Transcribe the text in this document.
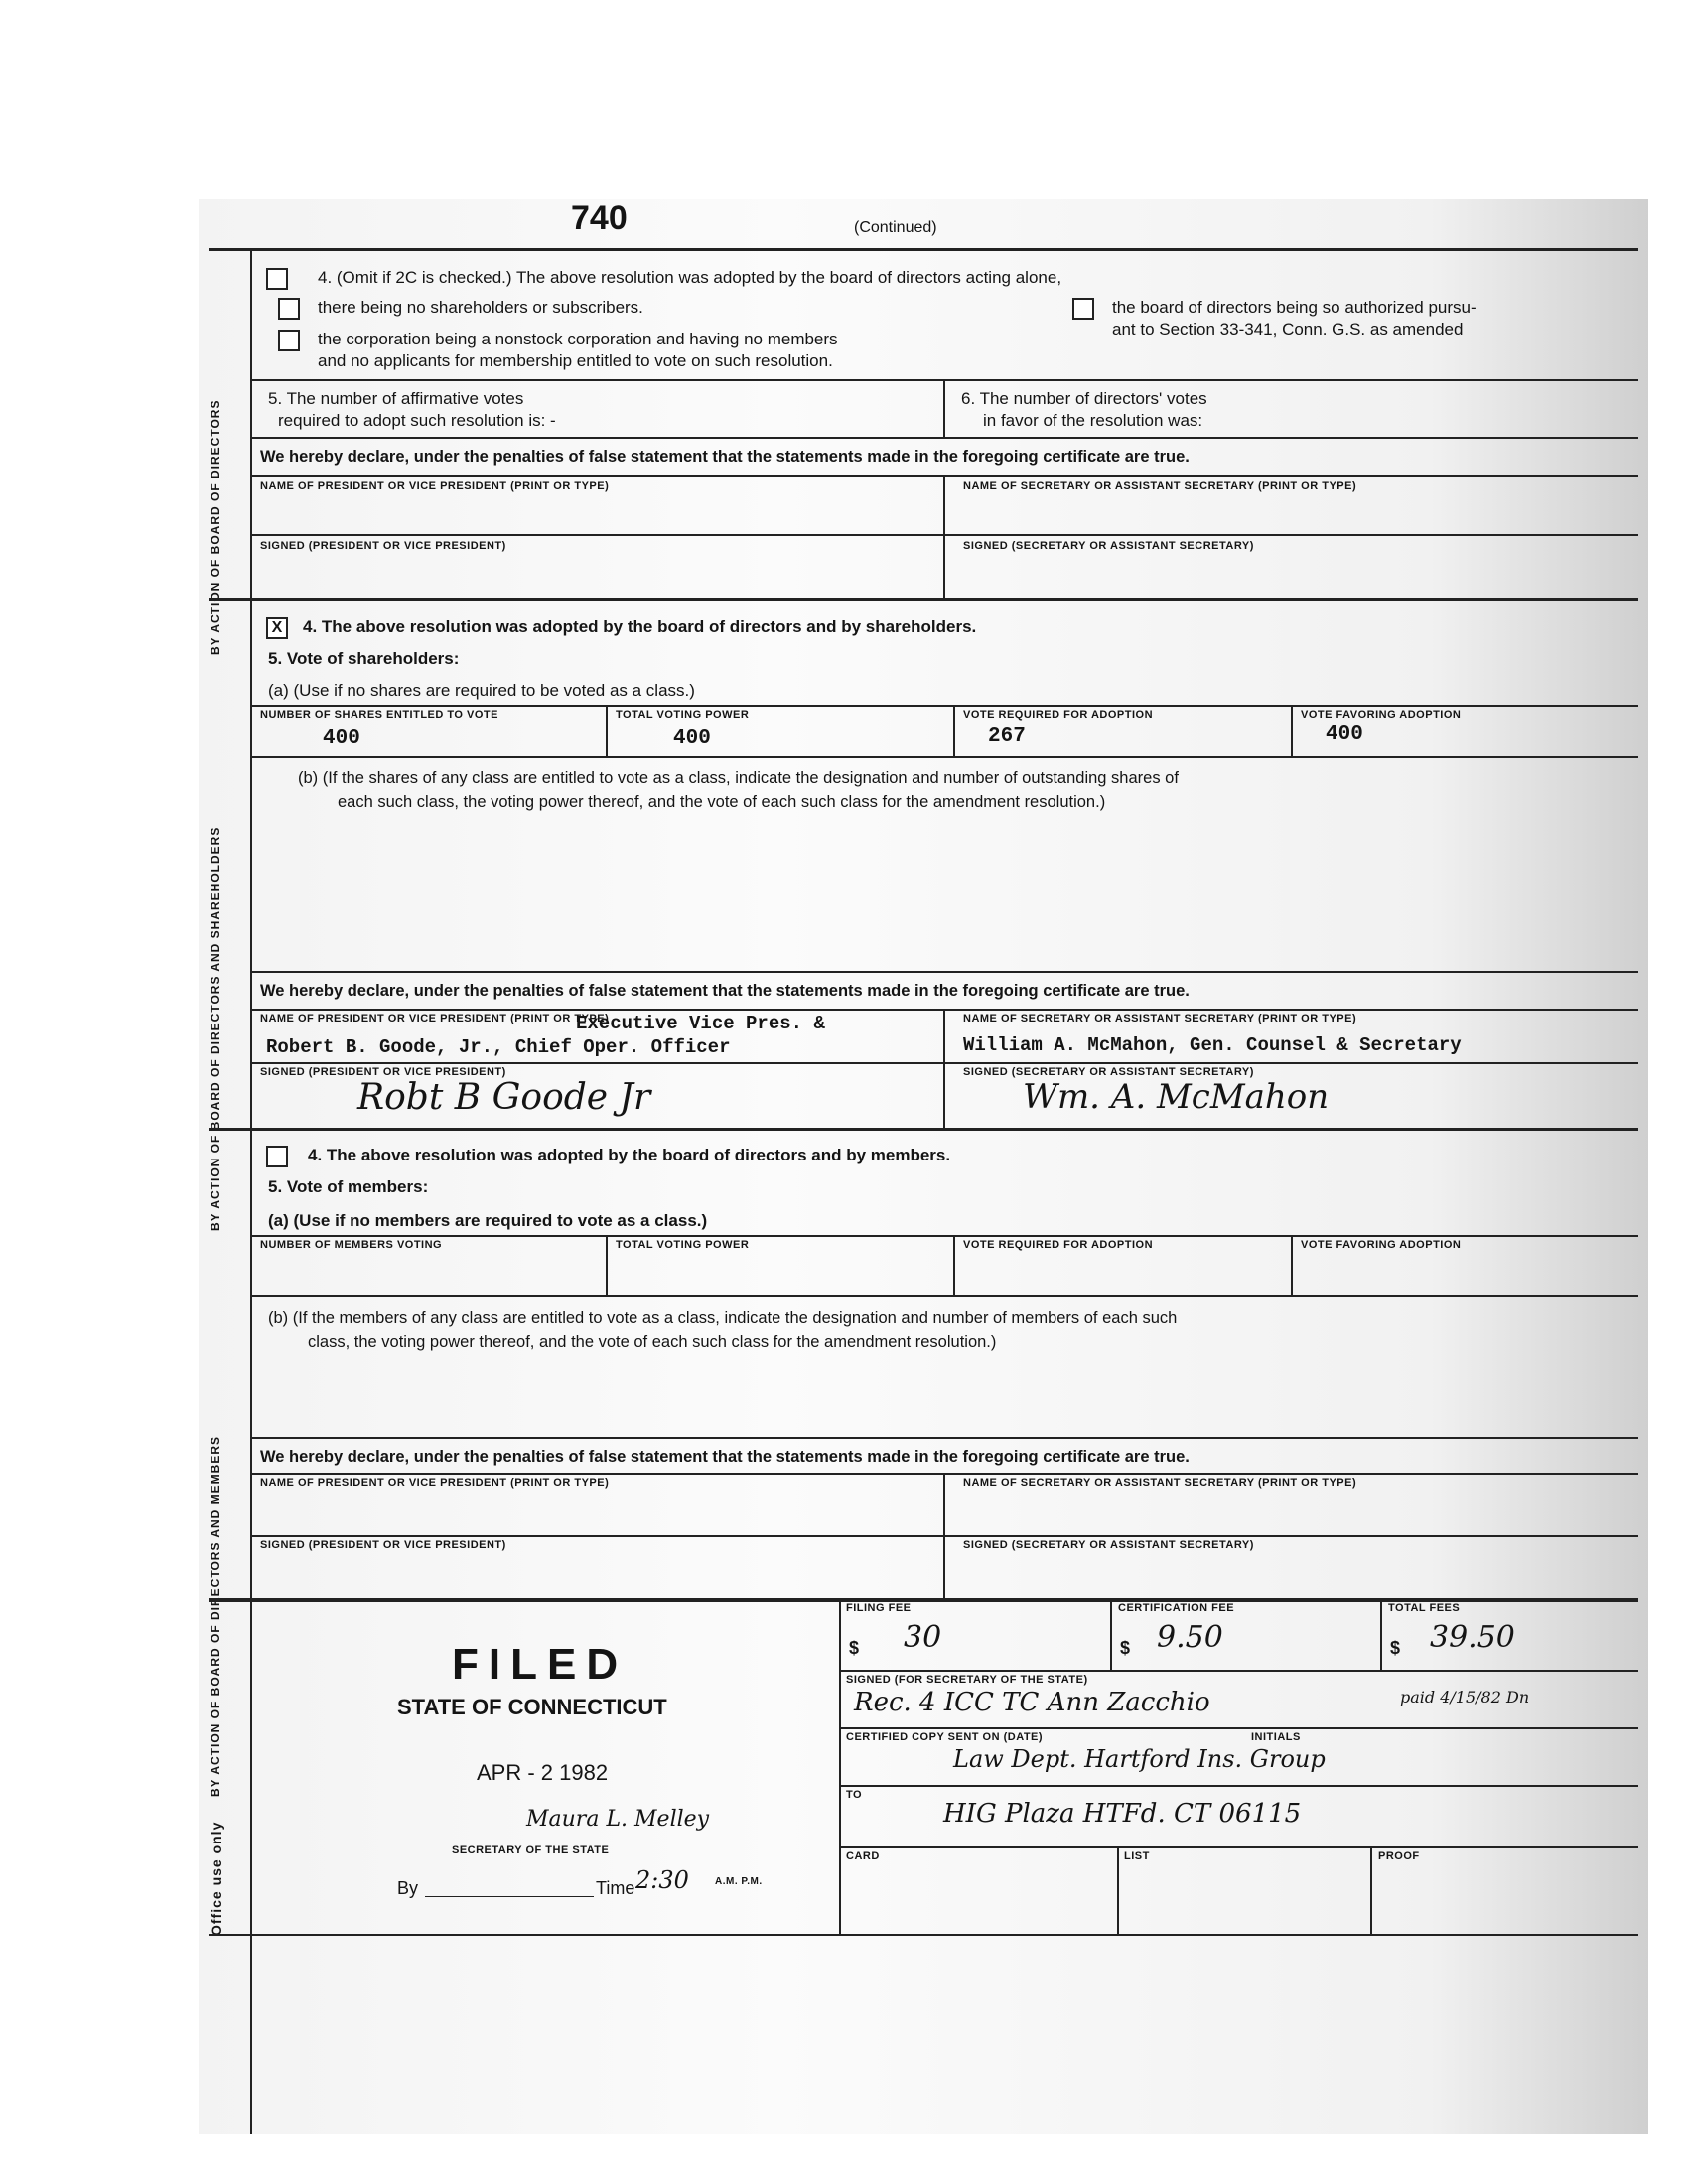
740	(Continued)
BY ACTION OF BOARD OF DIRECTORS
BY ACTION OF BOARD OF DIRECTORS AND SHAREHOLDERS
BY ACTION OF BOARD OF DIRECTORS AND MEMBERS
Office use only
4. (Omit if 2C is checked.) The above resolution was adopted by the board of directors acting alone,
there being no shareholders or subscribers.
the corporation being a nonstock corporation and having no members
and no applicants for membership entitled to vote on such resolution.
the board of directors being so authorized pursu-
ant to Section 33-341, Conn. G.S. as amended
5. The number of affirmative votes
required to adopt such resolution is: -
6. The number of directors' votes
in favor of the resolution was:
We hereby declare, under the penalties of false statement that the statements made in the foregoing certificate are true.
NAME OF PRESIDENT OR VICE PRESIDENT (PRINT OR TYPE)	NAME OF SECRETARY OR ASSISTANT SECRETARY (PRINT OR TYPE)
SIGNED (PRESIDENT OR VICE PRESIDENT)	SIGNED (SECRETARY OR ASSISTANT SECRETARY)
X	4. The above resolution was adopted by the board of directors and by shareholders.
5. Vote of shareholders:
(a) (Use if no shares are required to be voted as a class.)
NUMBER OF SHARES ENTITLED TO VOTE	TOTAL VOTING POWER	VOTE REQUIRED FOR ADOPTION	VOTE FAVORING ADOPTION
400	400	267	400
(b) (If the shares of any class are entitled to vote as a class, indicate the designation and number of outstanding shares of
each such class, the voting power thereof, and the vote of each such class for the amendment resolution.)
We hereby declare, under the penalties of false statement that the statements made in the foregoing certificate are true.
NAME OF PRESIDENT OR VICE PRESIDENT (PRINT OR TYPE)	NAME OF SECRETARY OR ASSISTANT SECRETARY (PRINT OR TYPE)
Executive Vice Pres. &
Robert B. Goode, Jr., Chief Oper. Officer	William A. McMahon, Gen. Counsel & Secretary
SIGNED (PRESIDENT OR VICE PRESIDENT)	SIGNED (SECRETARY OR ASSISTANT SECRETARY)
Robt B Goode Jr	Wm. A. McMahon
4. The above resolution was adopted by the board of directors and by members.
5. Vote of members:
(a) (Use if no members are required to vote as a class.)
NUMBER OF MEMBERS VOTING	TOTAL VOTING POWER	VOTE REQUIRED FOR ADOPTION	VOTE FAVORING ADOPTION
(b) (If the members of any class are entitled to vote as a class, indicate the designation and number of members of each such
class, the voting power thereof, and the vote of each such class for the amendment resolution.)
We hereby declare, under the penalties of false statement that the statements made in the foregoing certificate are true.
NAME OF PRESIDENT OR VICE PRESIDENT (PRINT OR TYPE)	NAME OF SECRETARY OR ASSISTANT SECRETARY (PRINT OR TYPE)
SIGNED (PRESIDENT OR VICE PRESIDENT)	SIGNED (SECRETARY OR ASSISTANT SECRETARY)
FILED
STATE OF CONNECTICUT
APR - 2 1982
Maura L. Melley
SECRETARY OF THE STATE
By	Time 2:30	A.M. P.M.
FILING FEE
$ 30
CERTIFICATION FEE
$ 9.50
TOTAL FEES
$ 39.50
SIGNED (FOR SECRETARY OF THE STATE)
Rec. 4 ICC TC Ann Zacchio	paid 4/15/82 Dn
CERTIFIED COPY SENT ON (DATE)	INITIALS
Law Dept. Hartford Ins. Group
TO
HIG Plaza HTFd. CT 06115
CARD	LIST	PROOF
